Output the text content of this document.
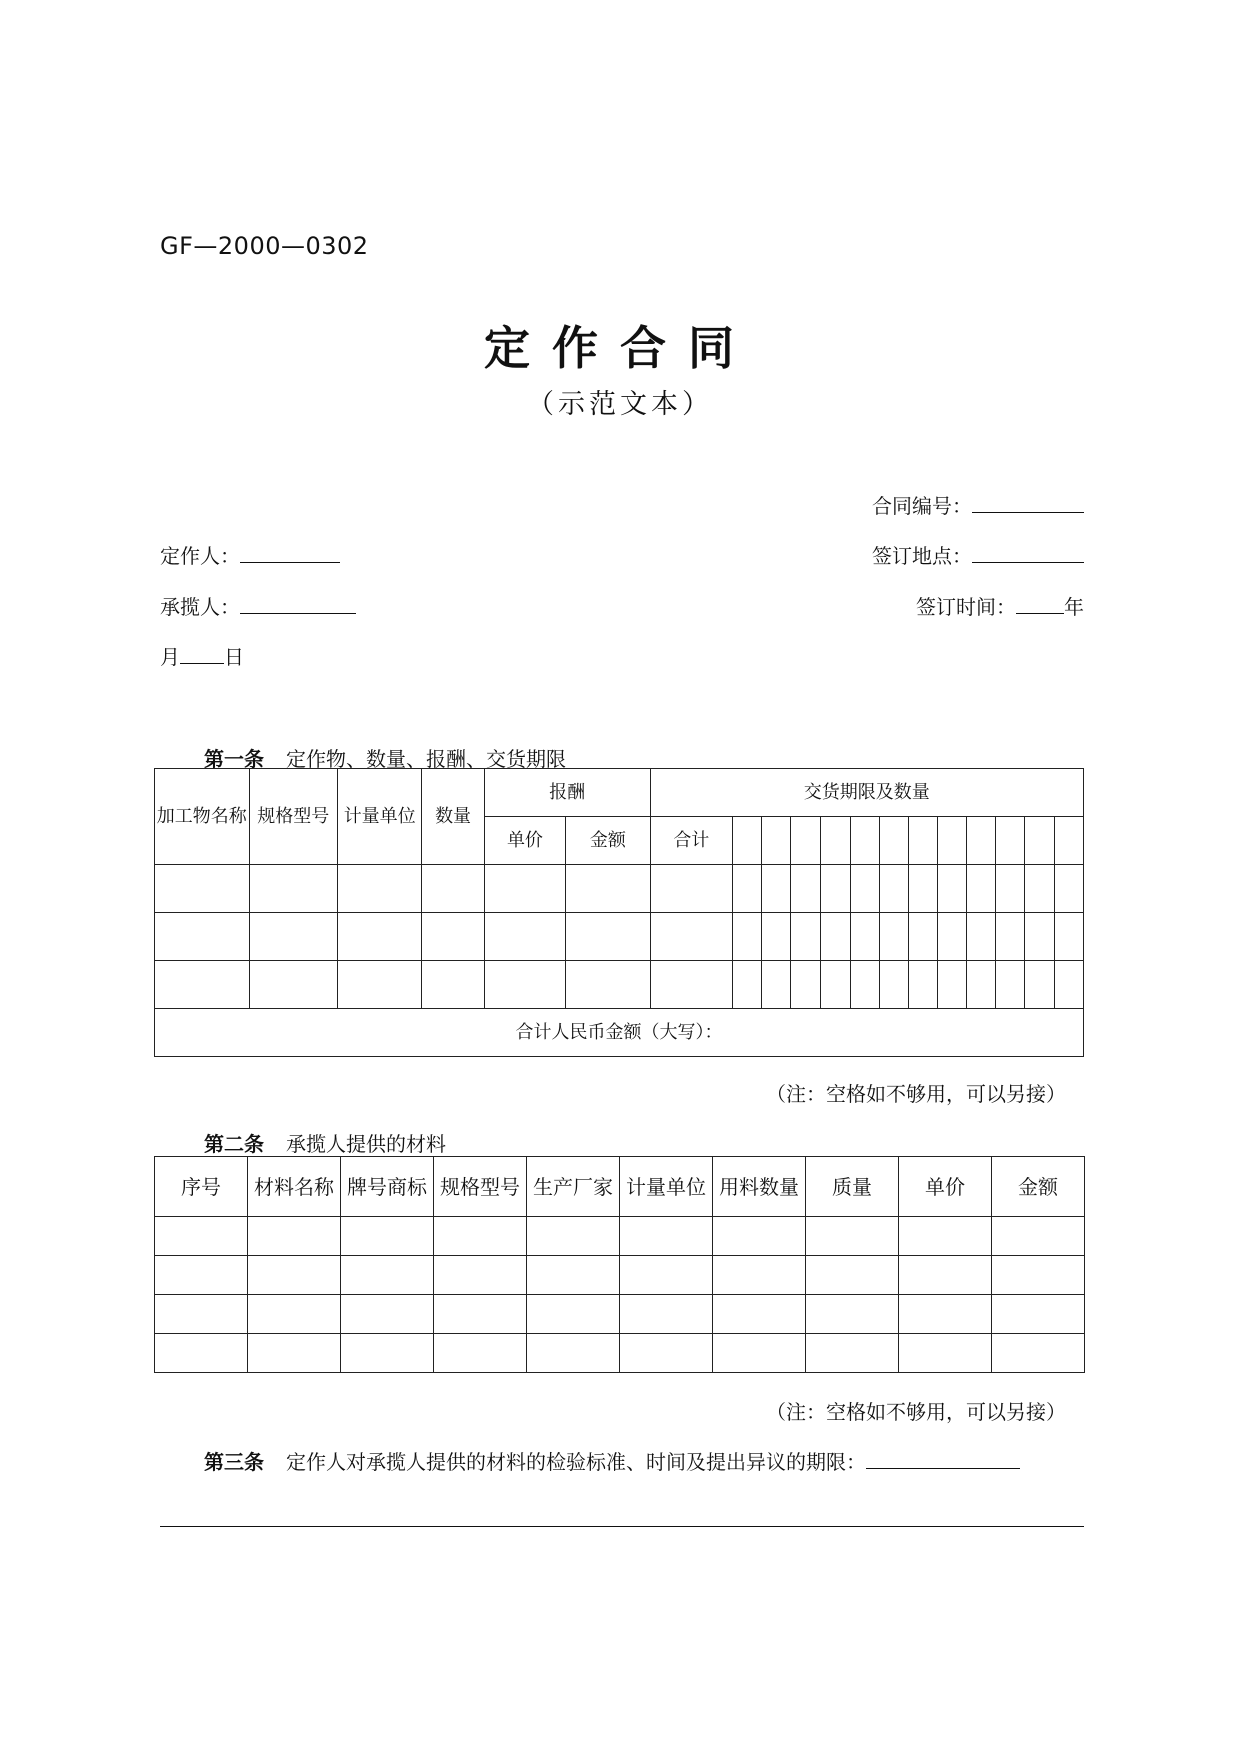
GF—2000—0302
定作合同
（示范文本）
合同编号：
定作人：	签订地点：
承揽人：	签订时间： 年
月 日
第一条 定作物、数量、报酬、交货期限
加工物名称	规格型号	计量单位	数量	报酬		交货期限及数量												
				单价	金额	合计												

合计人民币金额（大写）：																		
（注：空格如不够用，可以另接）
第二条 承揽人提供的材料
序号	材料名称	牌号商标	规格型号	生产厂家	计量单位	用料数量	质量	单价	金额

（注：空格如不够用，可以另接）
第三条 定作人对承揽人提供的材料的检验标准、时间及提出异议的期限：
